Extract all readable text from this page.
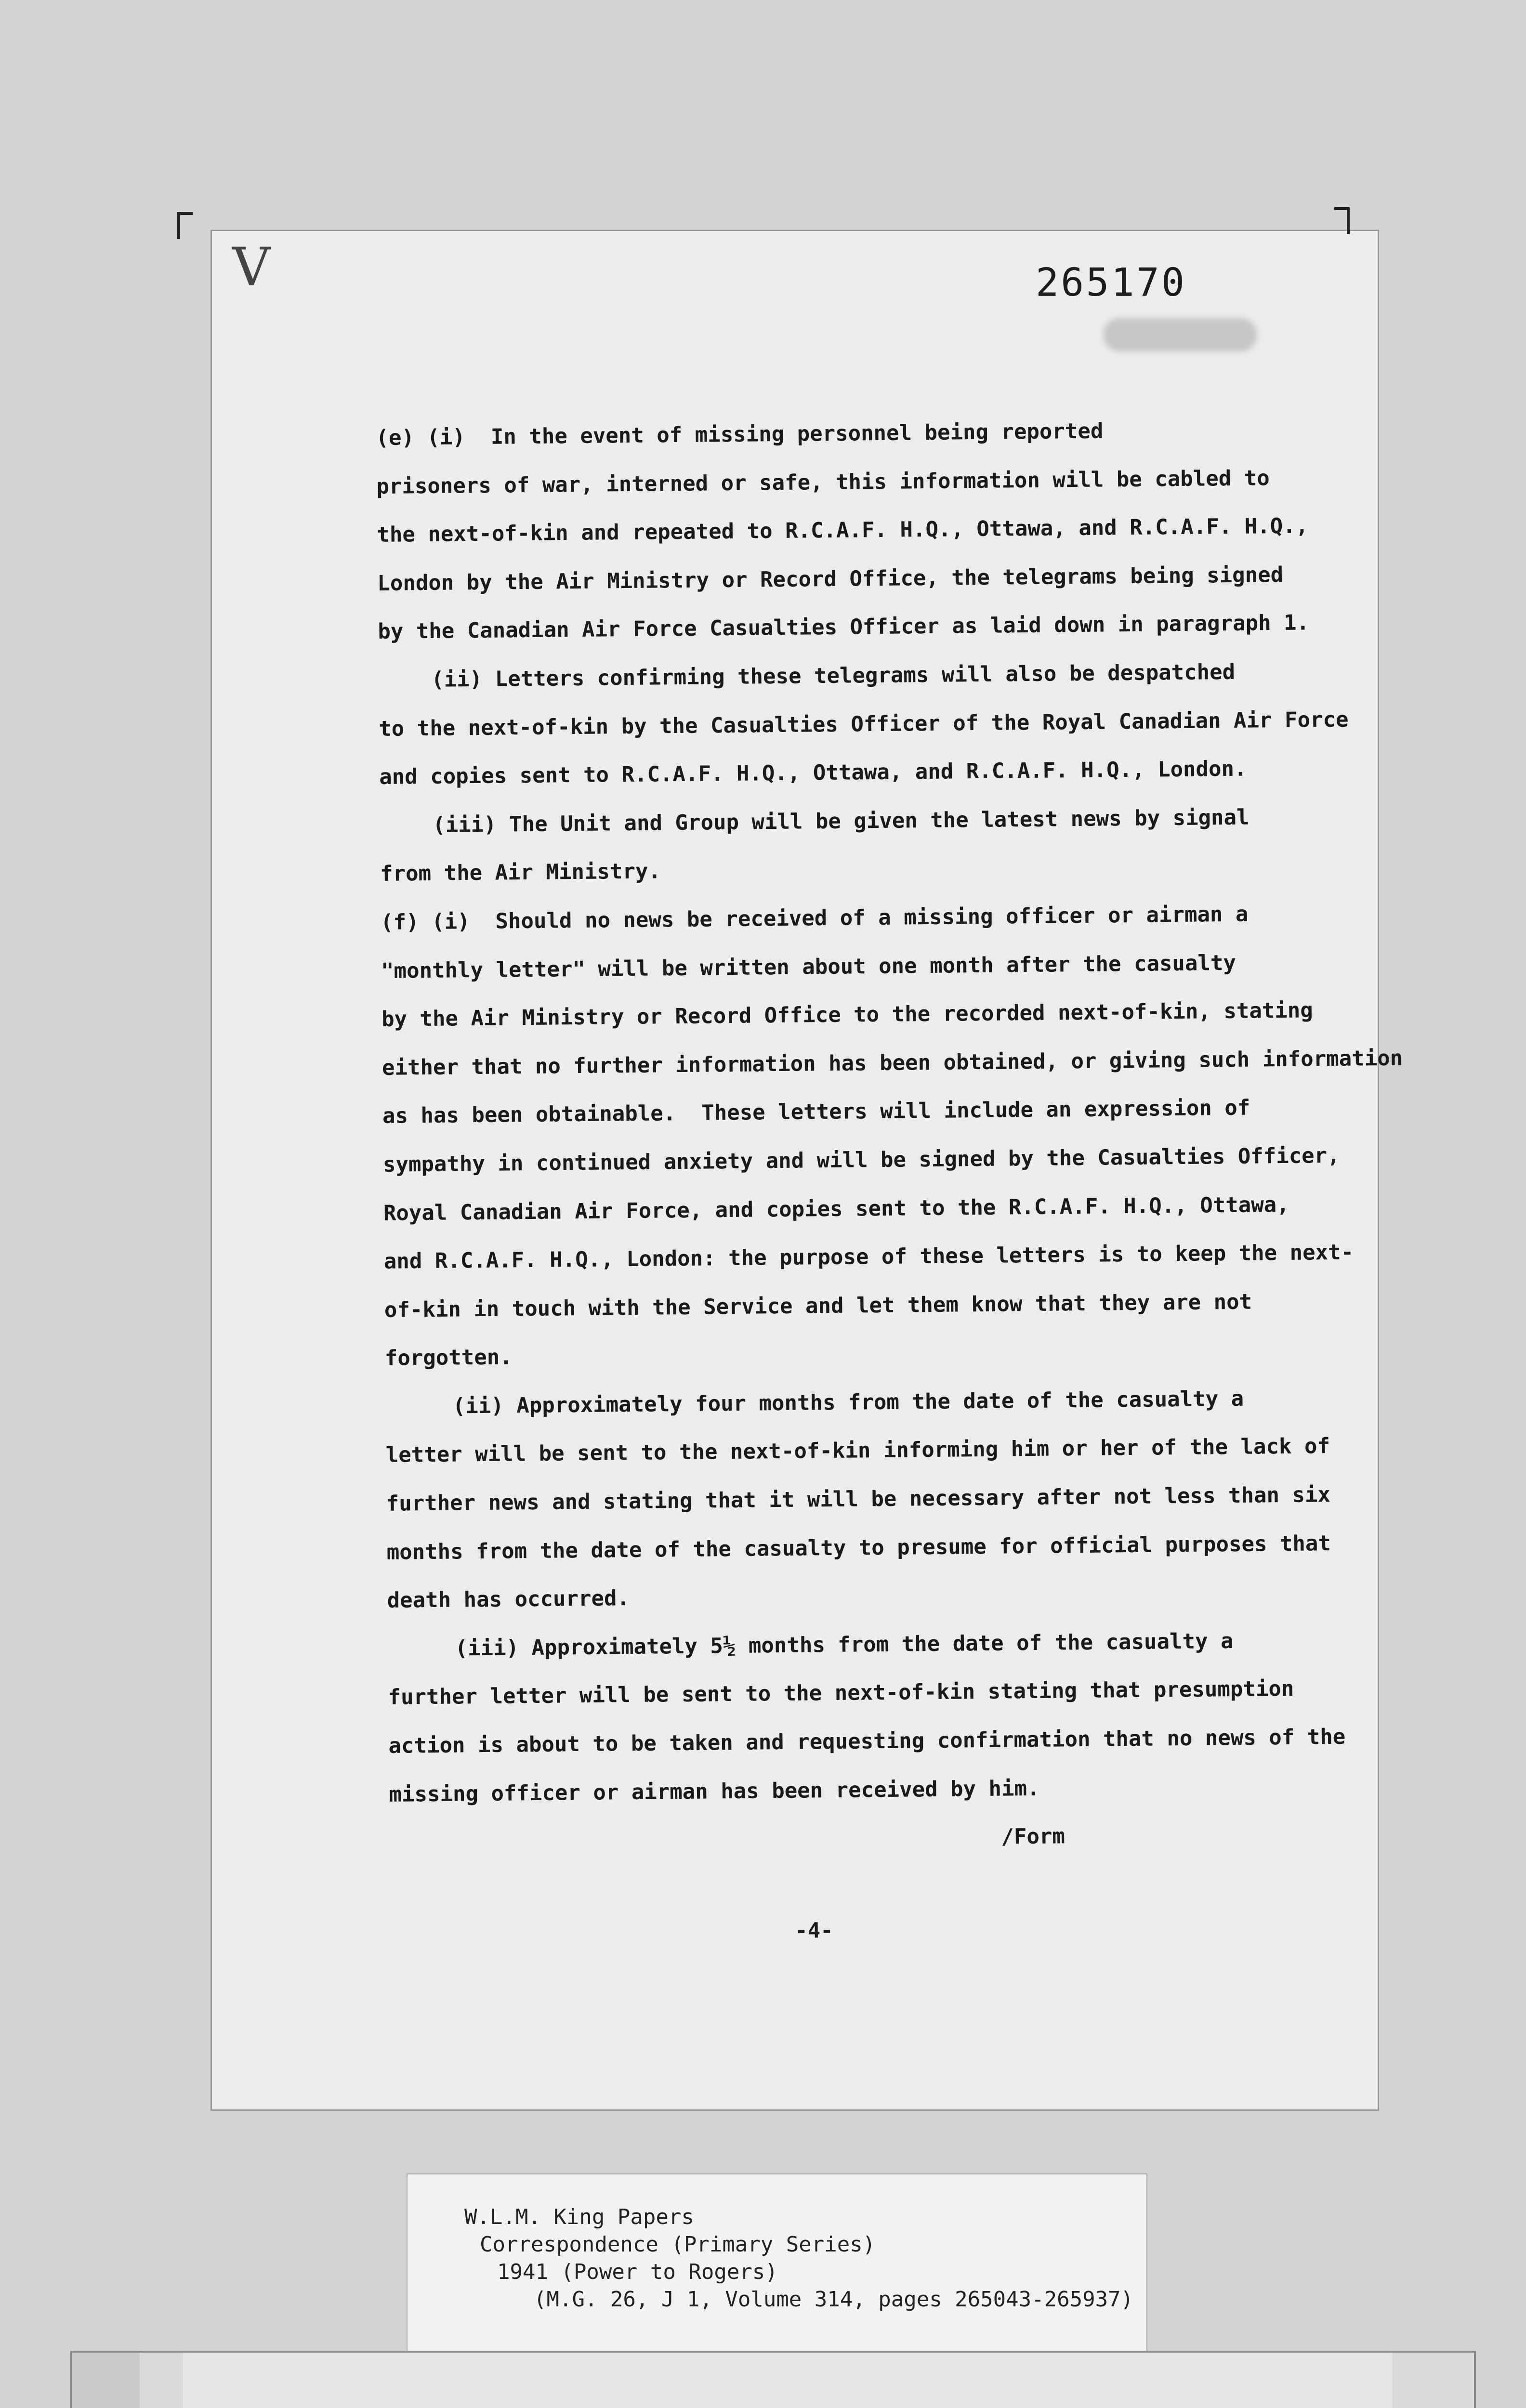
V	265170
(e) (i)  In the event of missing personnel being reported
prisoners of war, interned or safe, this information will be cabled to
the next-of-kin and repeated to R.C.A.F. H.Q., Ottawa, and R.C.A.F. H.Q.,
London by the Air Ministry or Record Office, the telegrams being signed
by the Canadian Air Force Casualties Officer as laid down in paragraph 1.
(ii) Letters confirming these telegrams will also be despatched
to the next-of-kin by the Casualties Officer of the Royal Canadian Air Force
and copies sent to R.C.A.F. H.Q., Ottawa, and R.C.A.F. H.Q., London.
(iii) The Unit and Group will be given the latest news by signal
from the Air Ministry.
(f) (i)  Should no news be received of a missing officer or airman a
"monthly letter" will be written about one month after the casualty
by the Air Ministry or Record Office to the recorded next-of-kin, stating
either that no further information has been obtained, or giving such information
as has been obtainable.  These letters will include an expression of
sympathy in continued anxiety and will be signed by the Casualties Officer,
Royal Canadian Air Force, and copies sent to the R.C.A.F. H.Q., Ottawa,
and R.C.A.F. H.Q., London: the purpose of these letters is to keep the next-
of-kin in touch with the Service and let them know that they are not
forgotten.
(ii) Approximately four months from the date of the casualty a
letter will be sent to the next-of-kin informing him or her of the lack of
further news and stating that it will be necessary after not less than six
months from the date of the casualty to presume for official purposes that
death has occurred.
(iii) Approximately 5½ months from the date of the casualty a
further letter will be sent to the next-of-kin stating that presumption
action is about to be taken and requesting confirmation that no news of the
missing officer or airman has been received by him.
/Form
-4-
W.L.M. King Papers
Correspondence (Primary Series)
1941 (Power to Rogers)
(M.G. 26, J 1, Volume 314, pages 265043-265937)
